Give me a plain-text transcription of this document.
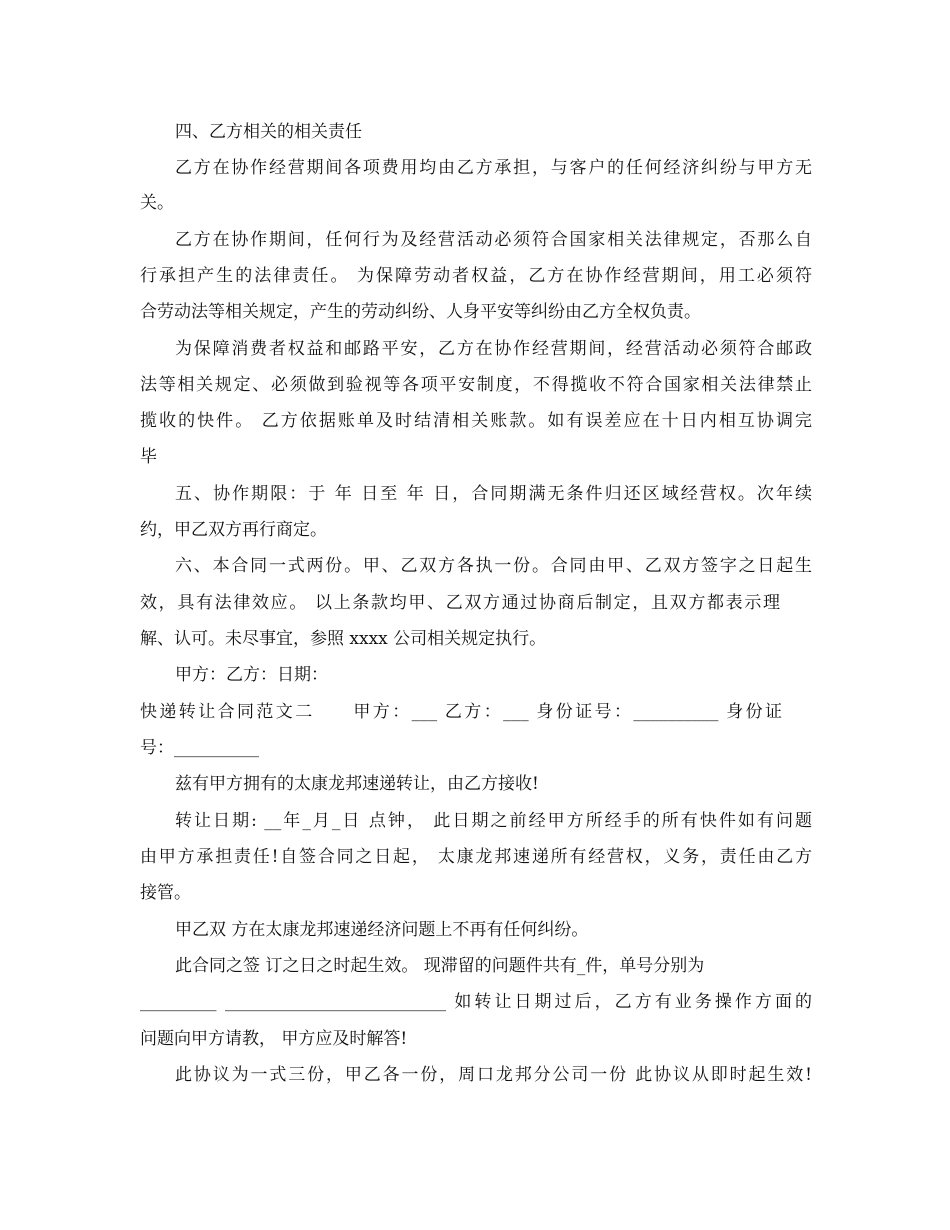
四、乙方相关的相关责任
乙方在协作经营期间各项费用均由乙方承担，与客户的任何经济纠纷与甲方无
关。
乙方在协作期间，任何行为及经营活动必须符合国家相关法律规定，否那么自
行承担产生的法律责任。 为保障劳动者权益，乙方在协作经营期间，用工必须符
合劳动法等相关规定，产生的劳动纠纷、人身平安等纠纷由乙方全权负责。
为保障消费者权益和邮路平安，乙方在协作经营期间，经营活动必须符合邮政
法等相关规定、必须做到验视等各项平安制度，不得揽收不符合国家相关法律禁止
揽收的快件。 乙方依据账单及时结清相关账款。如有误差应在十日内相互协调完
毕
五、协作期限：于 年 日至 年 日，合同期满无条件归还区域经营权。次年续
约，甲乙双方再行商定。
六、本合同一式两份。甲、乙双方各执一份。合同由甲、乙双方签字之日起生
效，具有法律效应。 以上条款均甲、乙双方通过协商后制定，且双方都表示理
解、认可。未尽事宜，参照 xxxx 公司相关规定执行。
甲方：乙方：日期：
快递转让合同范文二　　甲方：___ 乙方：___ 身份证号：__________ 身份证
号：__________
兹有甲方拥有的太康龙邦速递转让，由乙方接收!
转让日期: __年_月_日 点钟， 此日期之前经甲方所经手的所有快件如有问题
由甲方承担责任!自签合同之日起， 太康龙邦速递所有经营权，义务，责任由乙方
接管。
甲乙双 方在太康龙邦速递经济问题上不再有任何纠纷。
此合同之签 订之日之时起生效。 现滞留的问题件共有_件，单号分别为
_________ __________________________ 如转让日期过后，乙方有业务操作方面的
问题向甲方请教， 甲方应及时解答!
此协议为一式三份，甲乙各一份，周口龙邦分公司一份 此协议从即时起生效!
